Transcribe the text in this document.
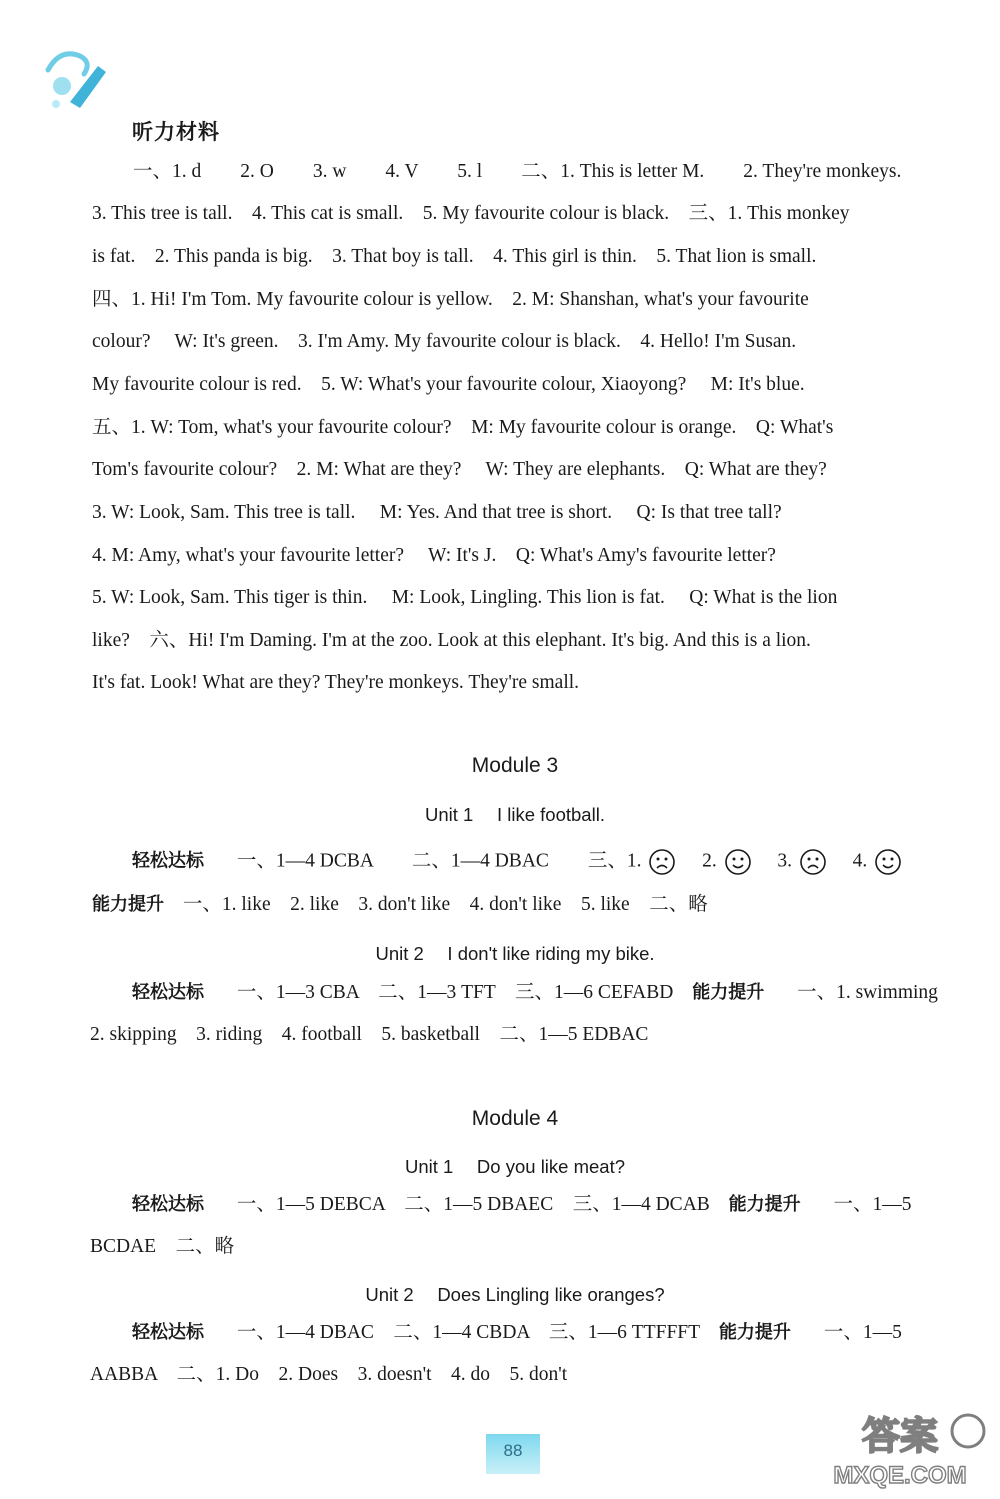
听力材料
一、1. d　　2. O　　3. w　　4. V　　5. l　　二、1. This is letter M.　　2. They're monkeys.
3. This tree is tall.　4. This cat is small.　5. My favourite colour is black.　三、1. This monkey
is fat.　2. This panda is big.　3. That boy is tall.　4. This girl is thin.　5. That lion is small.
四、1. Hi! I'm Tom. My favourite colour is yellow.　2. M: Shanshan, what's your favourite
colour?　 W: It's green.　3. I'm Amy. My favourite colour is black.　4. Hello! I'm Susan.
My favourite colour is red.　5. W: What's your favourite colour, Xiaoyong?　 M: It's blue.
五、1. W: Tom, what's your favourite colour?　M: My favourite colour is orange.　Q: What's
Tom's favourite colour?　2. M: What are they?　 W: They are elephants.　Q: What are they?
3. W: Look, Sam. This tree is tall.　 M: Yes. And that tree is short.　 Q: Is that tree tall?
4. M: Amy, what's your favourite letter?　 W: It's J.　Q: What's Amy's favourite letter?
5. W: Look, Sam. This tiger is thin.　 M: Look, Lingling. This lion is fat.　 Q: What is the lion
like?　六、Hi! I'm Daming. I'm at the zoo. Look at this elephant. It's big. And this is a lion.
It's fat. Look! What are they? They're monkeys. They're small.
Module 3
Unit 1　 I like football.
轻松达标 一、1—4 DCBA　　二、1—4 DBAC　　三、1.	2.	3.	4.
能力提升 一、1. like　2. like　3. don't like　4. don't like　5. like　二、略
Unit 2　 I don't like riding my bike.
轻松达标 一、1—3 CBA　二、1—3 TFT　三、1—6 CEFABD 能力提升 一、1. swimming
2. skipping　3. riding　4. football　5. basketball　二、1—5 EDBAC
Module 4
Unit 1　 Do you like meat?
轻松达标 一、1—5 DEBCA　二、1—5 DBAEC　三、1—4 DCAB 能力提升 一、1—5
BCDAE　二、略
Unit 2　 Does Lingling like oranges?
轻松达标 一、1—4 DBAC　二、1—4 CBDA　三、1—6 TTFFFT 能力提升 一、1—5
AABBA　二、1. Do　2. Does　3. doesn't　4. do　5. don't
88	答案
MXQE.COM
